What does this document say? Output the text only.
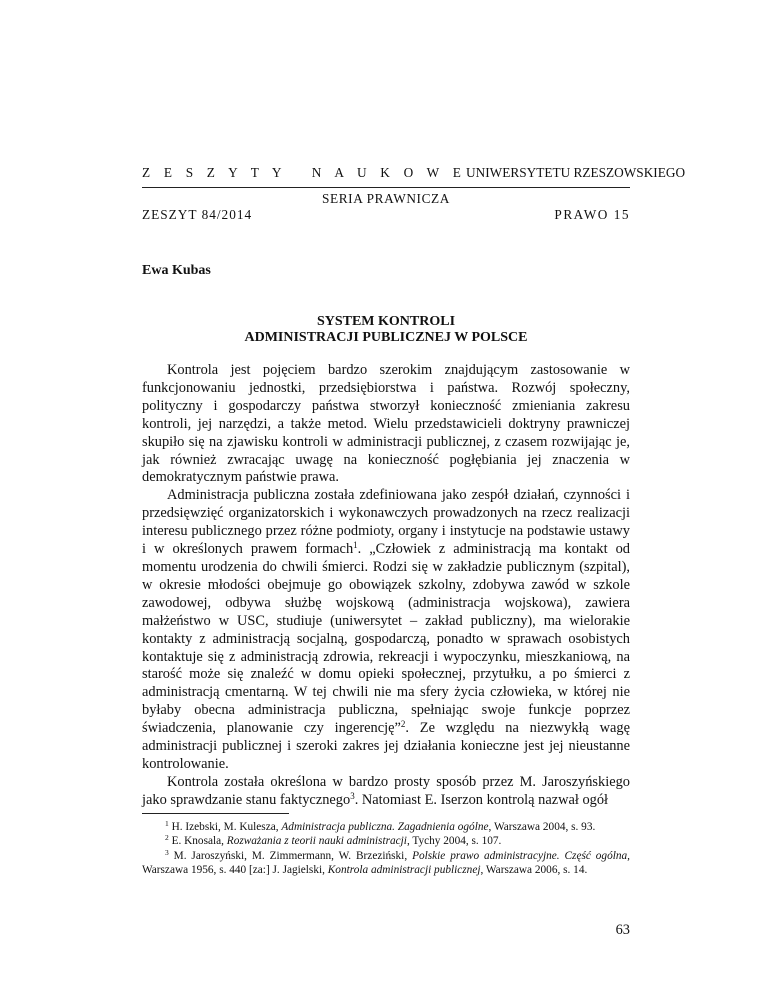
Z E S Z Y T Y   N A U K O W E UNIWERSYTETU RZESZOWSKIEGO
SERIA PRAWNICZA
ZESZYT 84/2014	PRAWO 15
Ewa Kubas
SYSTEM KONTROLI
ADMINISTRACJI PUBLICZNEJ W POLSCE

Kontrola jest pojęciem bardzo szerokim znajdującym zastosowanie w funkcjonowaniu jednostki, przedsiębiorstwa i państwa. Rozwój społeczny, polityczny i gospodarczy państwa stworzył konieczność zmieniania zakresu kontroli, jej narzędzi, a także metod. Wielu przedstawicieli doktryny prawniczej skupiło się na zjawisku kontroli w administracji publicznej, z czasem rozwijając je, jak również zwracając uwagę na konieczność pogłębiania jej znaczenia w demokratycznym państwie prawa.

Administracja publiczna została zdefiniowana jako zespół działań, czynności i przedsięwzięć organizatorskich i wykonawczych prowadzonych na rzecz realizacji interesu publicznego przez różne podmioty, organy i instytucje na podstawie ustawy i w określonych prawem formach$^1$. „Człowiek z administracją ma kontakt od momentu urodzenia do chwili śmierci. Rodzi się w zakładzie publicznym (szpital), w okresie młodości obejmuje go obowiązek szkolny, zdobywa zawód w szkole zawodowej, odbywa służbę wojskową (administracja wojskowa), zawiera małżeństwo w USC, studiuje (uniwersytet – zakład publiczny), ma wielorakie kontakty z administracją socjalną, gospodarczą, ponadto w sprawach osobistych kontaktuje się z administracją zdrowia, rekreacji i wypoczynku, mieszkaniową, na starość może się znaleźć w domu opieki społecznej, przytułku, a po śmierci z administracją cmentarną. W tej chwili nie ma sfery życia człowieka, w której nie byłaby obecna administracja publiczna, spełniając swoje funkcje poprzez świadczenia, planowanie czy ingerencję”$^2$. Ze względu na niezwykłą wagę administracji publicznej i szeroki zakres jej działania konieczne jest jej nieustanne kontrolowanie.

Kontrola została określona w bardzo prosty sposób przez M. Jaroszyńskiego jako sprawdzanie stanu faktycznego$^3$. Natomiast E. Iserzon kontrolą nazwał ogół

$^1$ H. Izebski, M. Kulesza, Administracja publiczna. Zagadnienia ogólne, Warszawa 2004, s. 93.

$^2$ E. Knosala, Rozważania z teorii nauki administracji, Tychy 2004, s. 107.

$^3$ M. Jaroszyński, M. Zimmermann, W. Brzeziński, Polskie prawo administracyjne. Część ogólna, Warszawa 1956, s. 440 [za:] J. Jagielski, Kontrola administracji publicznej, Warszawa 2006, s. 14.

63
